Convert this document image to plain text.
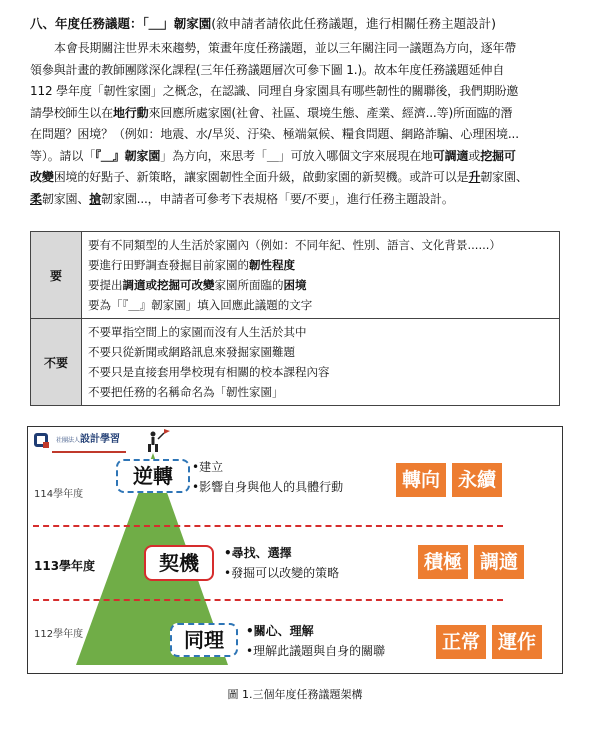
八、年度任務議題：「＿」韌家園(敘申請者請依此任務議題，進行相關任務主題設計)
本會長期關注世界未來趨勢，策畫年度任務議題，並以三年關注同一議題為方向，逐年帶
領參與計畫的教師團隊深化課程(三年任務議題層次可參下圖 1.)。故本年度任務議題延伸自
112 學年度「韌性家園」之概念，在認識、同理自身家園具有哪些韌性的關聯後，我們期盼邀
請學校師生以在地行動來回應所處家園(社會、社區、環境生態、產業、經濟...等)所面臨的潛
在問題？困境？（例如：地震、水/旱災、汙染、極端氣候、糧食問題、網路詐騙、心理困境...
等）。請以「『＿』韌家園」為方向，來思考「＿」可放入哪個文字來展現在地可調適或挖掘可
改變困境的好點子、新策略，讓家園韌性全面升級，啟動家園的新契機。或許可以是升韌家園、
柔韌家園、搶韌家園...，申請者可參考下表規格「要/不要」，進行任務主題設計。
要	要有不同類型的人生活於家園內（例如：不同年紀、性別、語言、文化背景......）
要進行田野調查發掘目前家園的韌性程度
要提出調適或挖掘可改變家園所面臨的困境
要為「『＿』韌家園」填入回應此議題的文字

不要	不要單指空間上的家園而沒有人生活於其中
不要只從新聞或網路訊息來發掘家園難題
不要只是直接套用學校現有相關的校本課程內容
不要把任務的名稱命名為「韌性家園」
社團法人設計學習
114學年度
113學年度
112學年度
逆轉
契機
同理
•建立
•影響自身與他人的具體行動
•尋找、選擇
•發掘可以改變的策略
•關心、理解
•理解此議題與自身的關聯
轉向 永續
積極 調適
正常 運作
圖 1.三個年度任務議題架構
